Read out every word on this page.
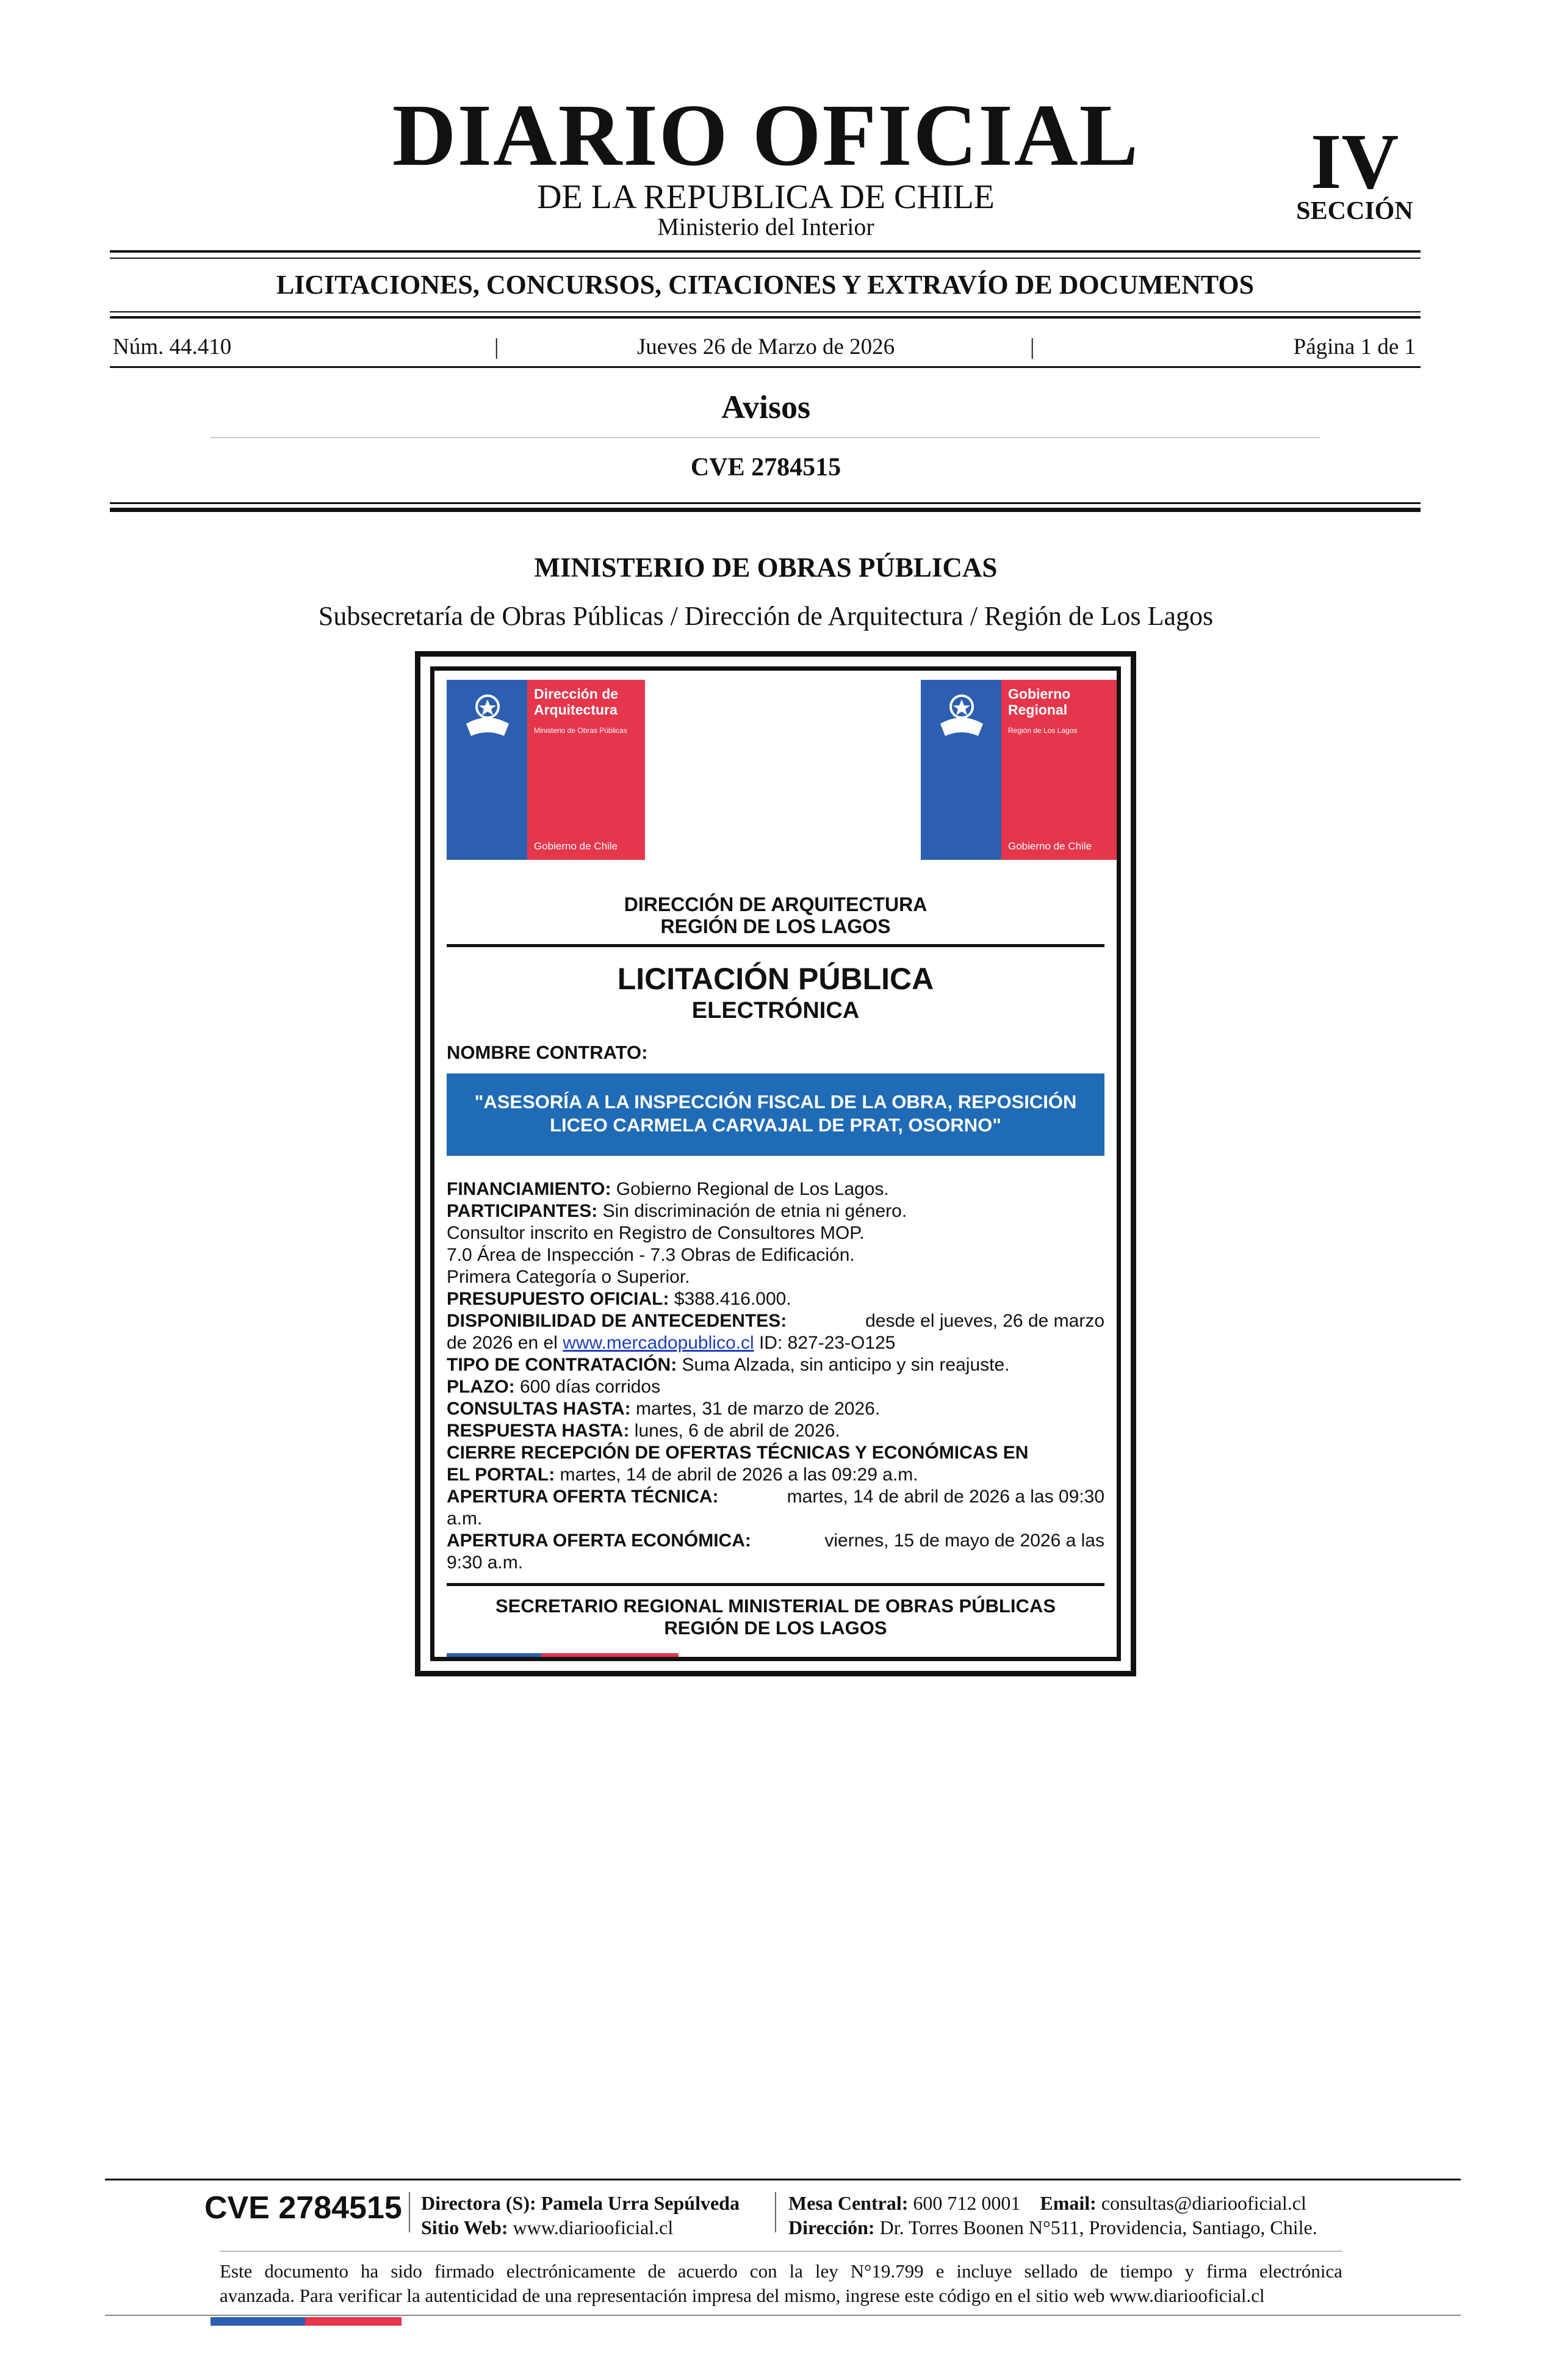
DIARIO OFICIAL
DE LA REPUBLICA DE CHILE
Ministerio del Interior
IV
SECCIÓN
LICITACIONES, CONCURSOS, CITACIONES Y EXTRAVÍO DE DOCUMENTOS
Núm. 44.410	|	Jueves 26 de Marzo de 2026	|	Página 1 de 1
Avisos
CVE 2784515
MINISTERIO DE OBRAS PÚBLICAS
Subsecretaría de Obras Públicas / Dirección de Arquitectura / Región de Los Lagos
Dirección de Arquitectura
Ministerio de Obras Públicas
Gobierno de Chile
Gobierno Regional
Región de Los Lagos
Gobierno de Chile
DIRECCIÓN DE ARQUITECTURA
REGIÓN DE LOS LAGOS
LICITACIÓN PÚBLICA
ELECTRÓNICA
NOMBRE CONTRATO:
"ASESORÍA A LA INSPECCIÓN FISCAL DE LA OBRA, REPOSICIÓN
LICEO CARMELA CARVAJAL DE PRAT, OSORNO"
FINANCIAMIENTO: Gobierno Regional de Los Lagos.
PARTICIPANTES: Sin discriminación de etnia ni género.
Consultor inscrito en Registro de Consultores MOP.
7.0 Área de Inspección - 7.3 Obras de Edificación.
Primera Categoría o Superior.
PRESUPUESTO OFICIAL: $388.416.000.
DISPONIBILIDAD DE ANTECEDENTES:	desde el jueves, 26 de marzo
de 2026 en el www.mercadopublico.cl ID: 827-23-O125
TIPO DE CONTRATACIÓN: Suma Alzada, sin anticipo y sin reajuste.
PLAZO: 600 días corridos
CONSULTAS HASTA: martes, 31 de marzo de 2026.
RESPUESTA HASTA: lunes, 6 de abril de 2026.
CIERRE RECEPCIÓN DE OFERTAS TÉCNICAS Y ECONÓMICAS EN
EL PORTAL: martes, 14 de abril de 2026 a las 09:29 a.m.
APERTURA OFERTA TÉCNICA:	martes, 14 de abril de 2026 a las 09:30
a.m.
APERTURA OFERTA ECONÓMICA:	viernes, 15 de mayo de 2026 a las
9:30 a.m.
SECRETARIO REGIONAL MINISTERIAL DE OBRAS PÚBLICAS
REGIÓN DE LOS LAGOS
CVE 2784515 Directora (S): Pamela Urra Sepúlveda
Sitio Web: www.diariooficial.cl
Mesa Central: 600 712 0001 Email: consultas@diariooficial.cl
Dirección: Dr. Torres Boonen N°511, Providencia, Santiago, Chile.
Este documento ha sido firmado electrónicamente de acuerdo con la ley N°19.799 e incluye sellado de tiempo y firma electrónica
avanzada. Para verificar la autenticidad de una representación impresa del mismo, ingrese este código en el sitio web www.diariooficial.cl
